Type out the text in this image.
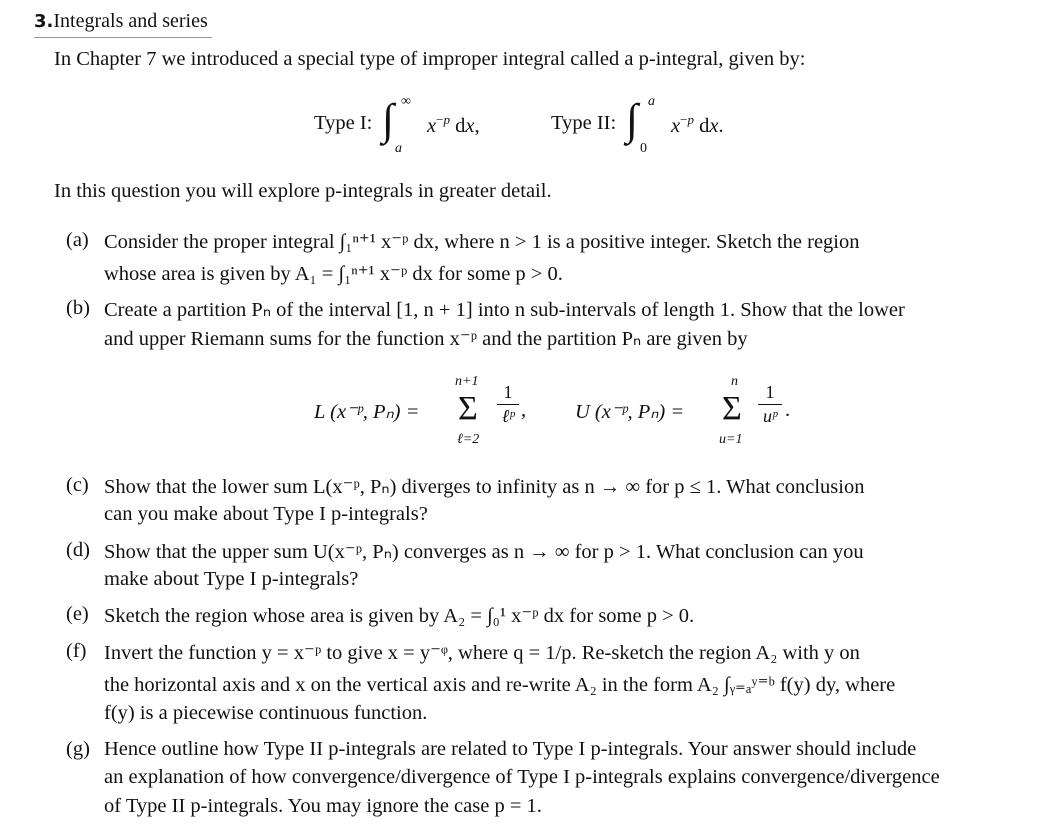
3.Integrals and series
In Chapter 7 we introduced a special type of improper integral called a p-integral, given by:
Type I: ∫ ∞
a
$x^{-p}$ dx,	Type II: ∫ a
0
$x^{-p}$ dx.
In this question you will explore p-integrals in greater detail.
(a) Consider the proper integral ∫₁ⁿ⁺¹ x⁻ᵖ dx, where n > 1 is a positive integer. Sketch the region
whose area is given by A₁ = ∫₁ⁿ⁺¹ x⁻ᵖ dx for some p > 0.
(b) Create a partition Pₙ of the interval [1, n + 1] into n sub-intervals of length 1. Show that the lower
and upper Riemann sums for the function x⁻ᵖ and the partition Pₙ are given by
L (x⁻ᵖ, Pₙ) =
n+1
Σ
ℓ=2
1
ℓᵖ , U (x⁻ᵖ, Pₙ) =
n
Σ
u=1
1
uᵖ .
(c) Show that the lower sum L(x⁻ᵖ, Pₙ) diverges to infinity as n → ∞ for p ≤ 1. What conclusion
can you make about Type I p-integrals?
(d) Show that the upper sum U(x⁻ᵖ, Pₙ) converges as n → ∞ for p > 1. What conclusion can you
make about Type I p-integrals?
(e) Sketch the region whose area is given by A₂ = ∫₀¹ x⁻ᵖ dx for some p > 0.
(f) Invert the function y = x⁻ᵖ to give x = y⁻ᵠ, where q = 1/p. Re-sketch the region A₂ with y on
the horizontal axis and x on the vertical axis and re-write A₂ in the form A₂ ∫ᵧ₌ₐʸ⁼ᵇ f(y) dy, where
f(y) is a piecewise continuous function.
(g) Hence outline how Type II p-integrals are related to Type I p-integrals. Your answer should include
an explanation of how convergence/divergence of Type I p-integrals explains convergence/divergence
of Type II p-integrals. You may ignore the case p = 1.
